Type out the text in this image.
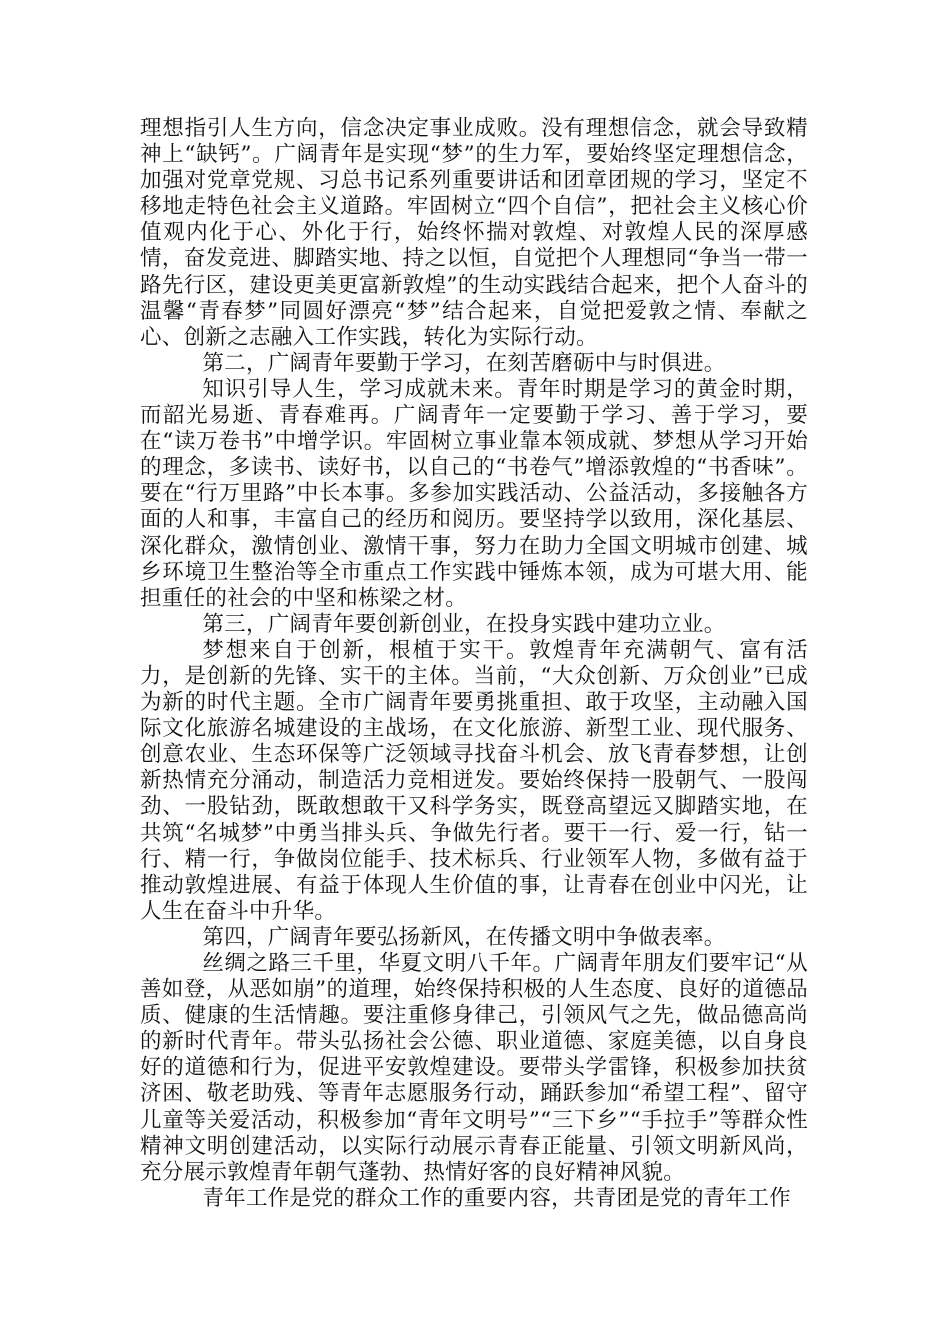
理想指引人生方向，信念决定事业成败。没有理想信念，就会导致精神上“缺钙”。广阔青年是实现“梦”的生力军，要始终坚定理想信念，加强对党章党规、习总书记系列重要讲话和团章团规的学习，坚定不移地走特色社会主义道路。牢固树立“四个自信”，把社会主义核心价值观内化于心、外化于行，始终怀揣对敦煌、对敦煌人民的深厚感情，奋发竞进、脚踏实地、持之以恒，自觉把个人理想同“争当一带一路先行区，建设更美更富新敦煌”的生动实践结合起来，把个人奋斗的温馨“青春梦”同圆好漂亮“梦”结合起来，自觉把爱敦之情、奉献之心、创新之志融入工作实践，转化为实际行动。

第二，广阔青年要勤于学习，在刻苦磨砺中与时俱进。

知识引导人生，学习成就未来。青年时期是学习的黄金时期，而韶光易逝、青春难再。广阔青年一定要勤于学习、善于学习，要在“读万卷书”中增学识。牢固树立事业靠本领成就、梦想从学习开始的理念，多读书、读好书，以自己的“书卷气”增添敦煌的“书香味”。要在“行万里路”中长本事。多参加实践活动、公益活动，多接触各方面的人和事，丰富自己的经历和阅历。要坚持学以致用，深化基层、深化群众，激情创业、激情干事，努力在助力全国文明城市创建、城乡环境卫生整治等全市重点工作实践中锤炼本领，成为可堪大用、能担重任的社会的中坚和栋梁之材。

第三，广阔青年要创新创业，在投身实践中建功立业。

梦想来自于创新，根植于实干。敦煌青年充满朝气、富有活力，是创新的先锋、实干的主体。当前，“大众创新、万众创业”已成为新的时代主题。全市广阔青年要勇挑重担、敢于攻坚，主动融入国际文化旅游名城建设的主战场，在文化旅游、新型工业、现代服务、创意农业、生态环保等广泛领域寻找奋斗机会、放飞青春梦想，让创新热情充分涌动，制造活力竞相迸发。要始终保持一股朝气、一股闯劲、一股钻劲，既敢想敢干又科学务实，既登高望远又脚踏实地，在共筑“名城梦”中勇当排头兵、争做先行者。要干一行、爱一行，钻一行、精一行，争做岗位能手、技术标兵、行业领军人物，多做有益于推动敦煌进展、有益于体现人生价值的事，让青春在创业中闪光，让人生在奋斗中升华。

第四，广阔青年要弘扬新风，在传播文明中争做表率。

丝绸之路三千里，华夏文明八千年。广阔青年朋友们要牢记“从善如登，从恶如崩”的道理，始终保持积极的人生态度、良好的道德品质、健康的生活情趣。要注重修身律己，引领风气之先，做品德高尚的新时代青年。带头弘扬社会公德、职业道德、家庭美德，以自身良好的道德和行为，促进平安敦煌建设。要带头学雷锋，积极参加扶贫济困、敬老助残、等青年志愿服务行动，踊跃参加“希望工程”、留守儿童等关爱活动，积极参加“青年文明号”“三下乡”“手拉手”等群众性精神文明创建活动，以实际行动展示青春正能量、引领文明新风尚，充分展示敦煌青年朝气蓬勃、热情好客的良好精神风貌。

青年工作是党的群众工作的重要内容，共青团是党的青年工作
